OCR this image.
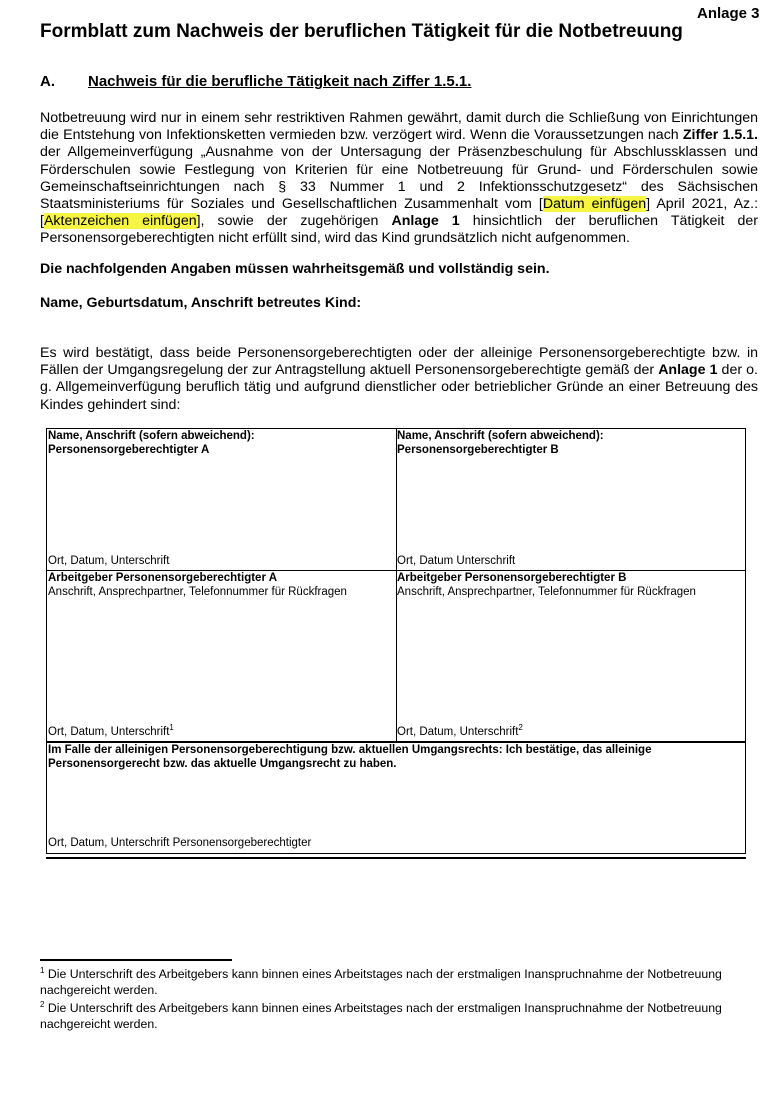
Anlage 3
Formblatt zum Nachweis der beruflichen Tätigkeit für die Notbetreuung
A. Nachweis für die berufliche Tätigkeit nach Ziffer 1.5.1.
Notbetreuung wird nur in einem sehr restriktiven Rahmen gewährt, damit durch die Schließung von Einrichtungen die Entstehung von Infektionsketten vermieden bzw. verzögert wird. Wenn die Voraussetzungen nach Ziffer 1.5.1. der Allgemeinverfügung „Ausnahme von der Untersagung der Präsenzbeschulung für Abschlussklassen und Förderschulen sowie Festlegung von Kriterien für eine Notbetreuung für Grund- und Förderschulen sowie Gemeinschaftseinrichtungen nach § 33 Nummer 1 und 2 Infektionsschutzgesetz“ des Sächsischen Staatsministeriums für Soziales und Gesellschaftlichen Zusammenhalt vom [Datum einfügen] April 2021, Az.: [Aktenzeichen einfügen], sowie der zugehörigen Anlage 1 hinsichtlich der beruflichen Tätigkeit der Personensorgeberechtigten nicht erfüllt sind, wird das Kind grundsätzlich nicht aufgenommen.
Die nachfolgenden Angaben müssen wahrheitsgemäß und vollständig sein.
Name, Geburtsdatum, Anschrift betreutes Kind:
Es wird bestätigt, dass beide Personensorgeberechtigten oder der alleinige Personensorgeberechtigte bzw. in Fällen der Umgangsregelung der zur Antragstellung aktuell Personensorgeberechtigte gemäß der Anlage 1 der o. g. Allgemeinverfügung beruflich tätig und aufgrund dienstlicher oder betrieblicher Gründe an einer Betreuung des Kindes gehindert sind:
Name, Anschrift (sofern abweichend):
Personensorgeberechtigter A
Ort, Datum, Unterschrift
Name, Anschrift (sofern abweichend):
Personensorgeberechtigter B
Ort, Datum Unterschrift
Arbeitgeber Personensorgeberechtigter A
Anschrift, Ansprechpartner, Telefonnummer für Rückfragen
Ort, Datum, Unterschrift$^1$
Arbeitgeber Personensorgeberechtigter B
Anschrift, Ansprechpartner, Telefonnummer für Rückfragen
Ort, Datum, Unterschrift$^2$
Im Falle der alleinigen Personensorgeberechtigung bzw. aktuellen Umgangsrechts: Ich bestätige, das alleinige Personensorgerecht bzw. das aktuelle Umgangsrecht zu haben.
Ort, Datum, Unterschrift Personensorgeberechtigter
$^1$ Die Unterschrift des Arbeitgebers kann binnen eines Arbeitstages nach der erstmaligen Inanspruchnahme der Notbetreuung nachgereicht werden.
$^2$ Die Unterschrift des Arbeitgebers kann binnen eines Arbeitstages nach der erstmaligen Inanspruchnahme der Notbetreuung nachgereicht werden.
